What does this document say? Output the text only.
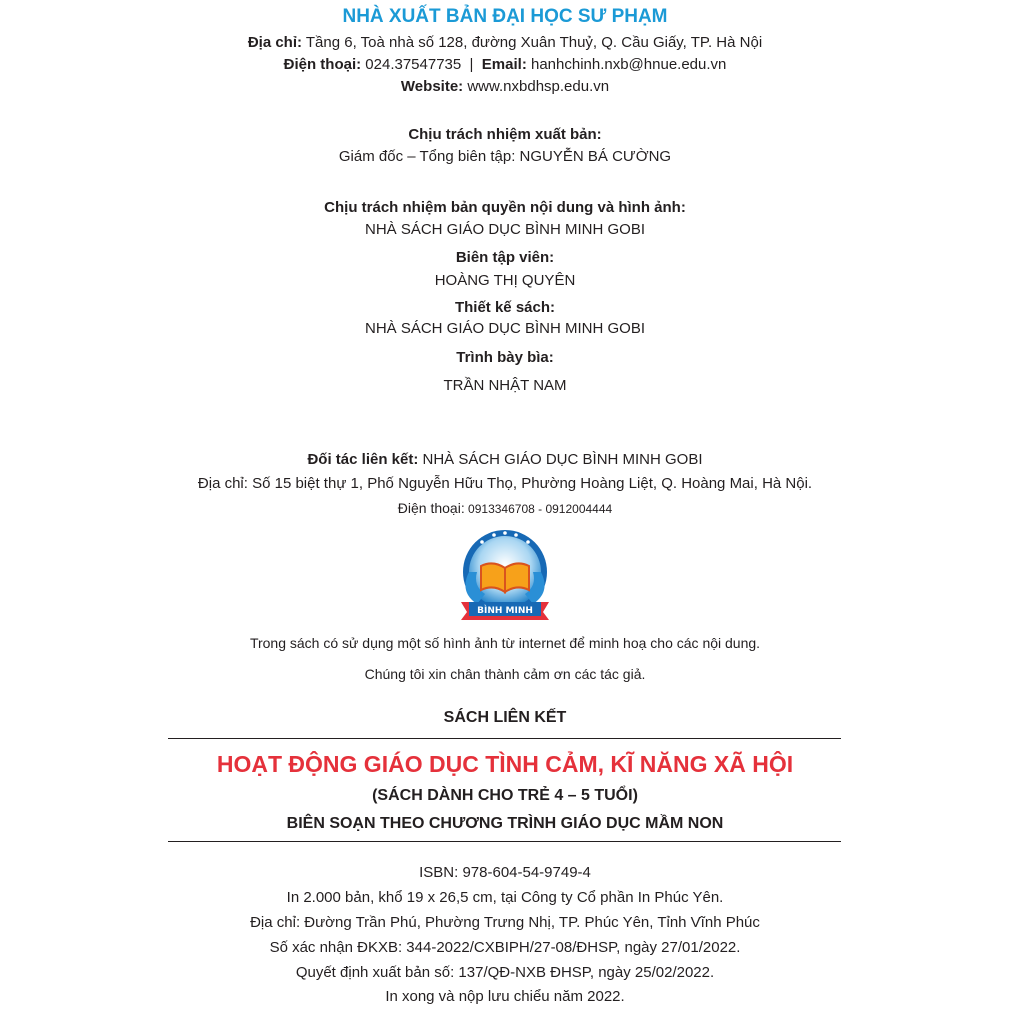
NHÀ XUẤT BẢN ĐẠI HỌC SƯ PHẠM
Địa chỉ: Tầng 6, Toà nhà số 128, đường Xuân Thuỷ, Q. Cầu Giấy, TP. Hà Nội
Điện thoại: 024.37547735  |  Email: hanhchinh.nxb@hnue.edu.vn
Website: www.nxbdhsp.edu.vn
Chịu trách nhiệm xuất bản:
Giám đốc – Tổng biên tập: NGUYỄN BÁ CƯỜNG
Chịu trách nhiệm bản quyền nội dung và hình ảnh:
NHÀ SÁCH GIÁO DỤC BÌNH MINH GOBI
Biên tập viên:
HOÀNG THỊ QUYÊN
Thiết kế sách:
NHÀ SÁCH GIÁO DỤC BÌNH MINH GOBI
Trình bày bìa:
TRẦN NHẬT NAM
Đối tác liên kết: NHÀ SÁCH GIÁO DỤC BÌNH MINH GOBI
Địa chỉ: Số 15 biệt thự 1, Phố Nguyễn Hữu Thọ, Phường Hoàng Liệt, Q. Hoàng Mai, Hà Nội.
Điện thoại: 0913346708 - 0912004444
BÌNH MINH
Trong sách có sử dụng một số hình ảnh từ internet để minh hoạ cho các nội dung.
Chúng tôi xin chân thành cảm ơn các tác giả.
SÁCH LIÊN KẾT
HOẠT ĐỘNG GIÁO DỤC TÌNH CẢM, KĨ NĂNG XÃ HỘI
(SÁCH DÀNH CHO TRẺ 4 – 5 TUỔI)
BIÊN SOẠN THEO CHƯƠNG TRÌNH GIÁO DỤC MẦM NON
ISBN: 978-604-54-9749-4
In 2.000 bản, khổ 19 x 26,5 cm, tại Công ty Cổ phần In Phúc Yên.
Địa chỉ: Đường Trần Phú, Phường Trưng Nhị, TP. Phúc Yên, Tỉnh Vĩnh Phúc
Số xác nhận ĐKXB: 344-2022/CXBIPH/27-08/ĐHSP, ngày 27/01/2022.
Quyết định xuất bản số: 137/QĐ-NXB ĐHSP, ngày 25/02/2022.
In xong và nộp lưu chiểu năm 2022.
